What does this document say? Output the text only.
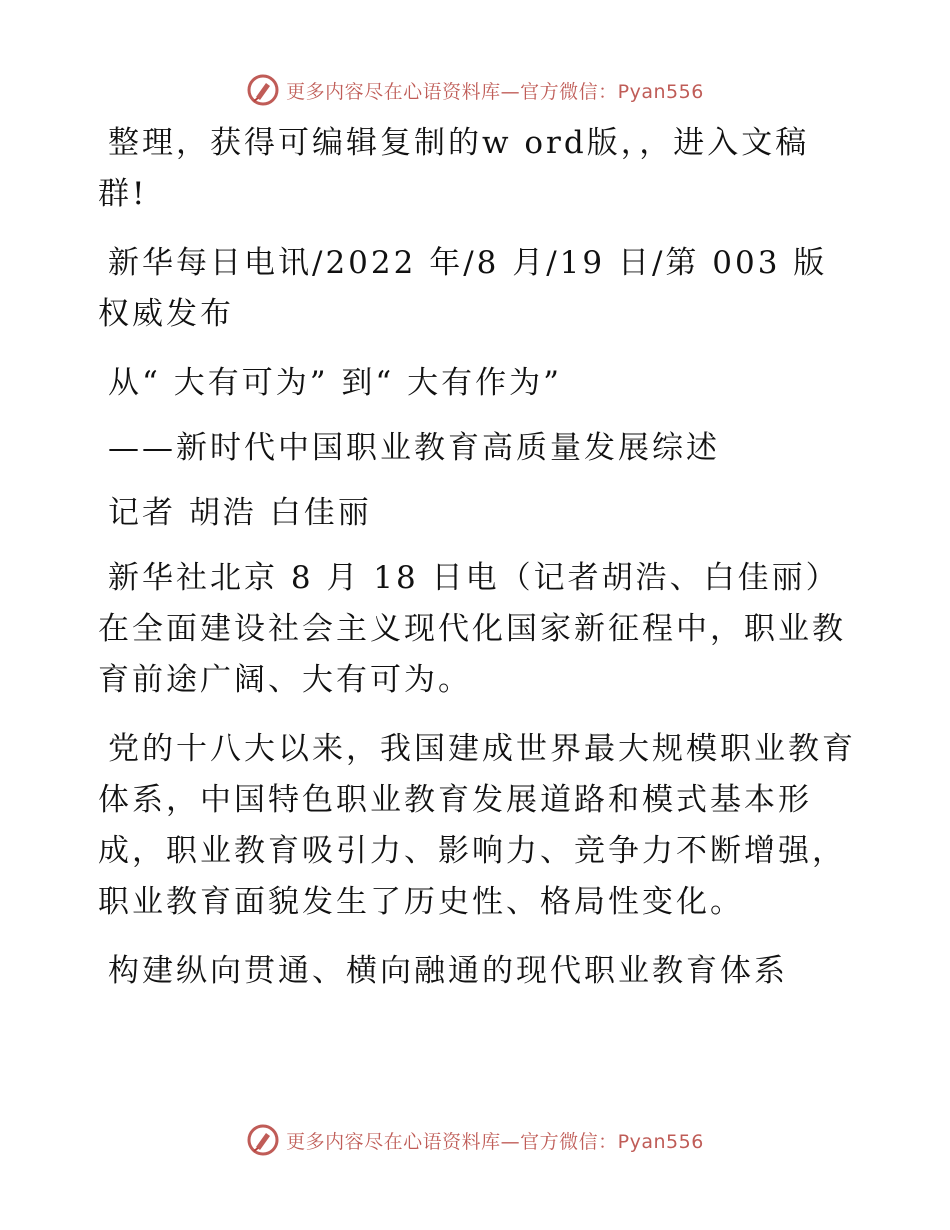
更多内容尽在心语资料库—官方微信：Pyan556

整理，获得可编辑复制的w ord版，，进入文稿群!

新华每日电讯/2022 年/8 月/19 日/第 003 版权威发布

从“ 大有可为” 到“ 大有作为”

——新时代中国职业教育高质量发展综述

记者 胡浩 白佳丽

新华社北京 8 月 18 日电（记者胡浩、白佳丽）在全面建设社会主义现代化国家新征程中，职业教育前途广阔、大有可为。

党的十八大以来，我国建成世界最大规模职业教育体系，中国特色职业教育发展道路和模式基本形成，职业教育吸引力、影响力、竞争力不断增强，职业教育面貌发生了历史性、格局性变化。

构建纵向贯通、横向融通的现代职业教育体系

更多内容尽在心语资料库—官方微信：Pyan556
